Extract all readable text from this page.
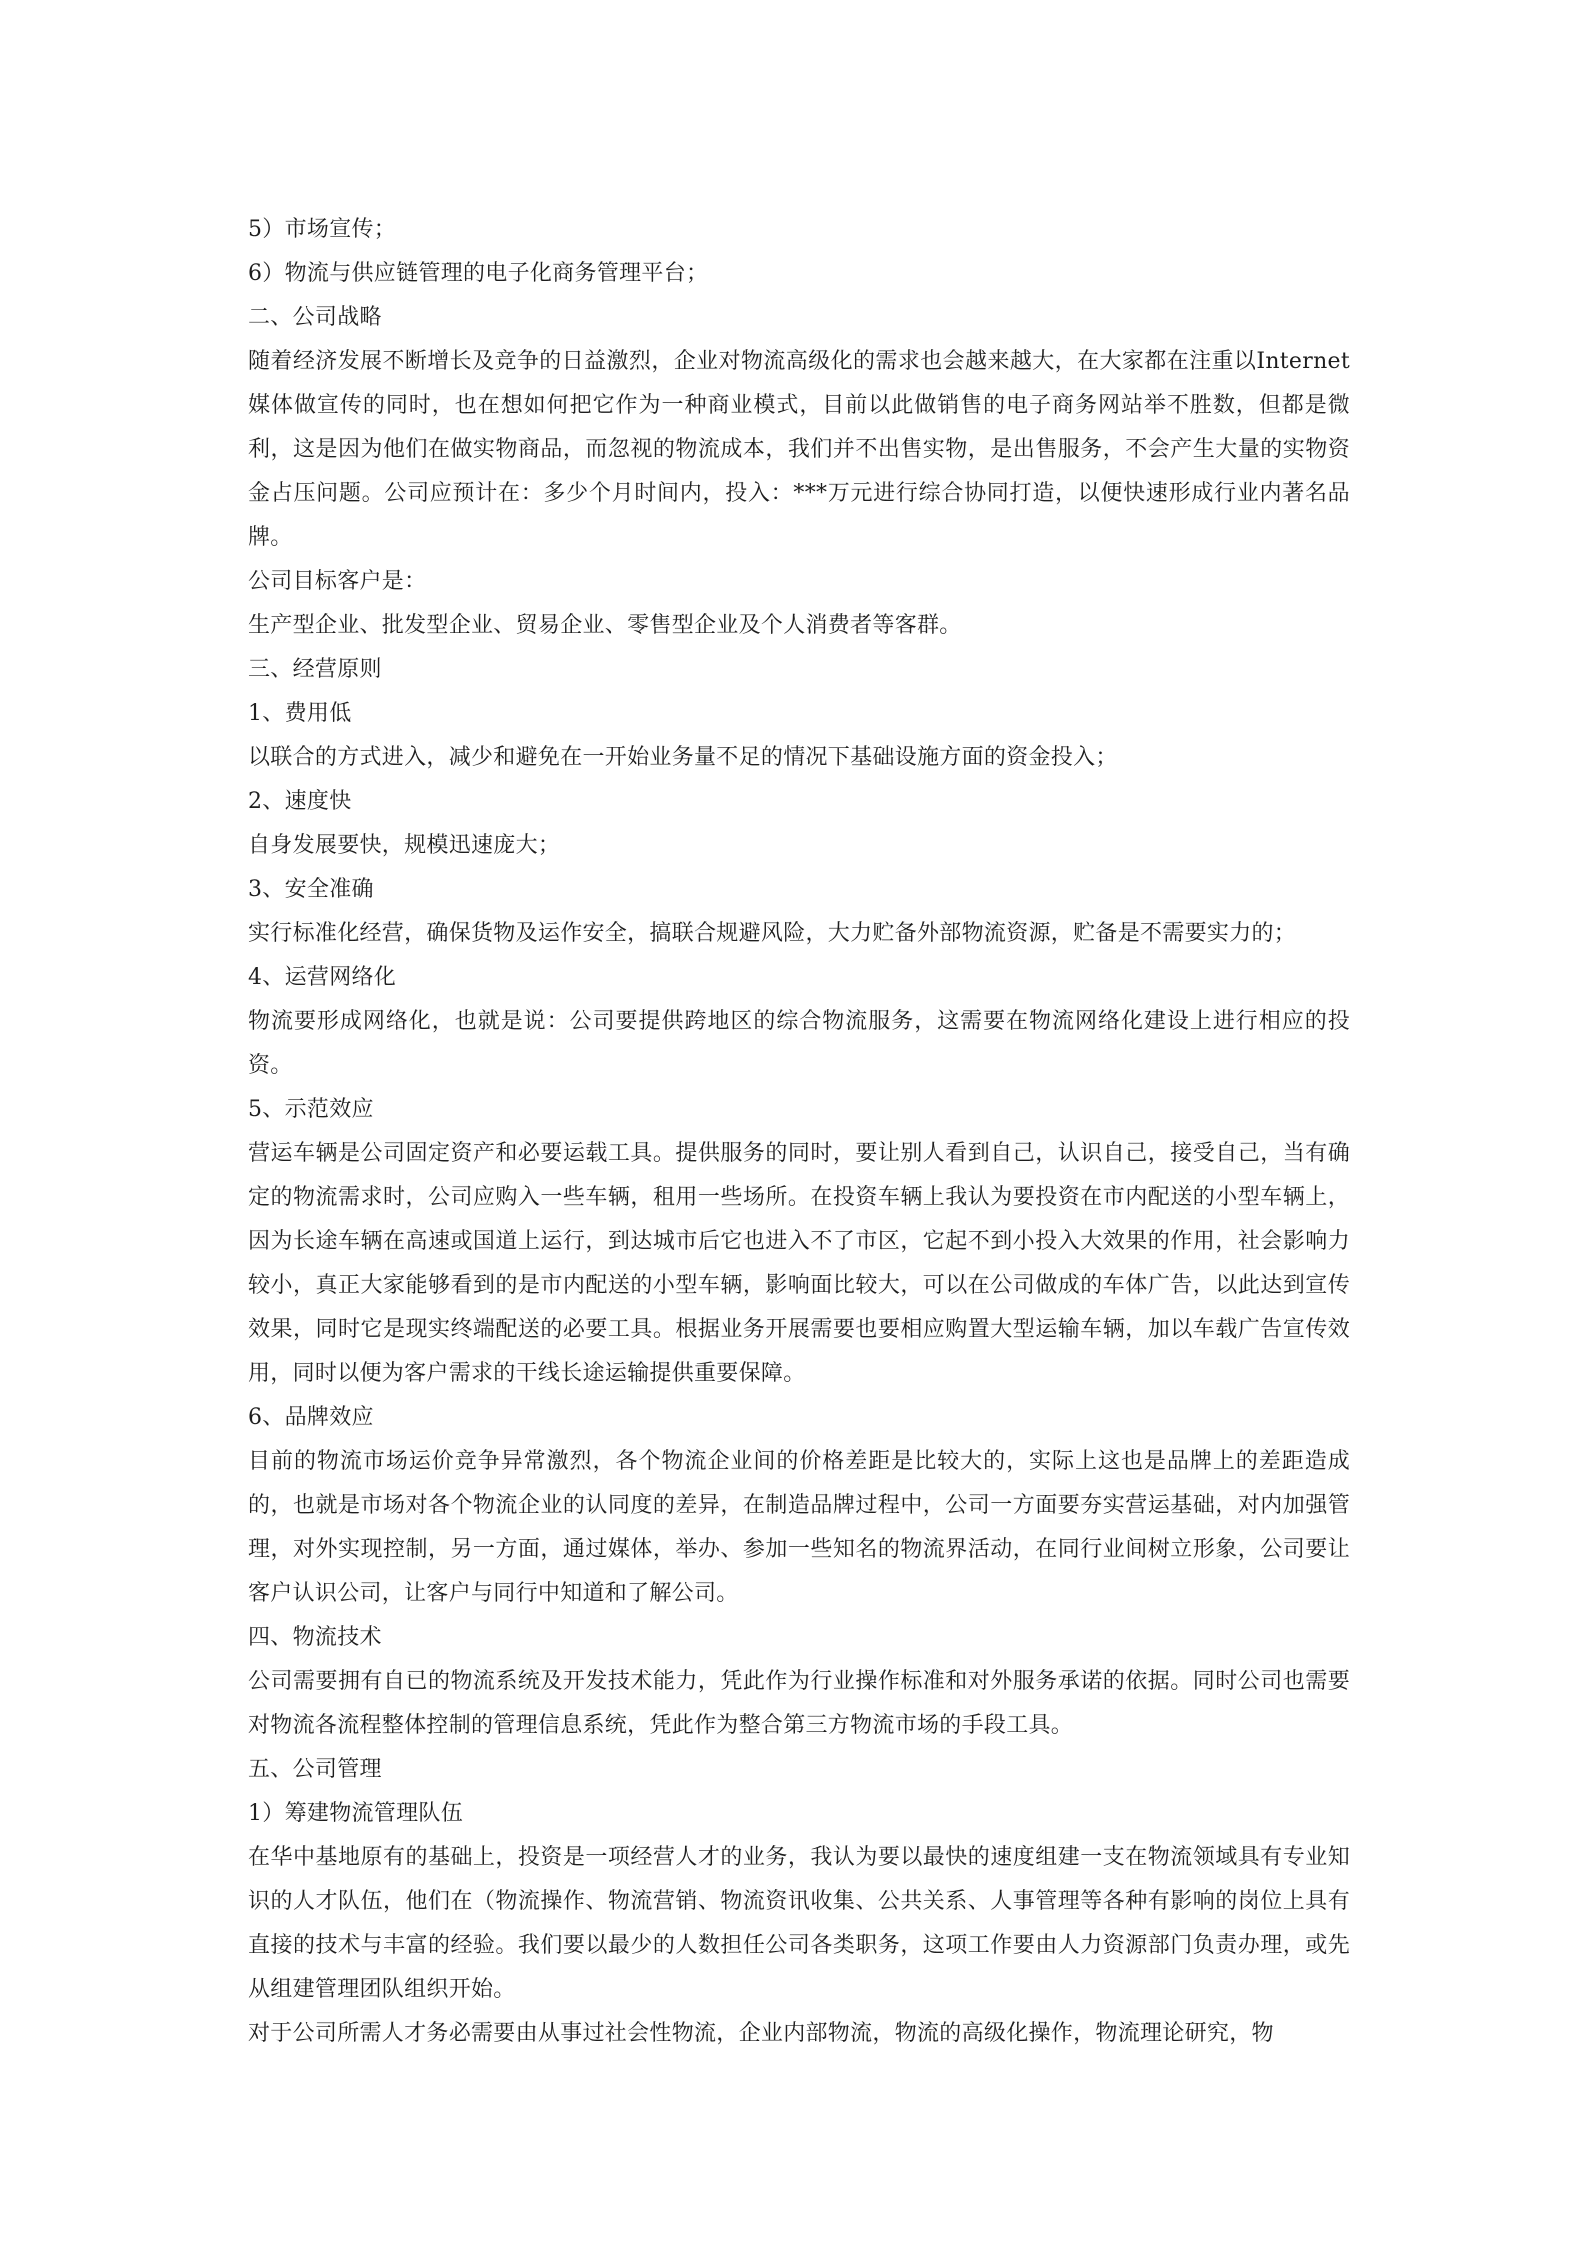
5）市场宣传；

6）物流与供应链管理的电子化商务管理平台；

二、公司战略

随着经济发展不断增长及竞争的日益激烈，企业对物流高级化的需求也会越来越大，在大家都在注重以Internet媒体做宣传的同时，也在想如何把它作为一种商业模式，目前以此做销售的电子商务网站举不胜数，但都是微利，这是因为他们在做实物商品，而忽视的物流成本，我们并不出售实物，是出售服务，不会产生大量的实物资金占压问题。公司应预计在：多少个月时间内，投入：***万元进行综合协同打造，以便快速形成行业内著名品牌。

公司目标客户是：

生产型企业、批发型企业、贸易企业、零售型企业及个人消费者等客群。

三、经营原则

1、费用低

以联合的方式进入，减少和避免在一开始业务量不足的情况下基础设施方面的资金投入；

2、速度快

自身发展要快，规模迅速庞大；

3、安全准确

实行标准化经营，确保货物及运作安全，搞联合规避风险，大力贮备外部物流资源，贮备是不需要实力的；

4、运营网络化

物流要形成网络化，也就是说：公司要提供跨地区的综合物流服务，这需要在物流网络化建设上进行相应的投资。

5、示范效应

营运车辆是公司固定资产和必要运载工具。提供服务的同时，要让别人看到自己，认识自己，接受自己，当有确定的物流需求时，公司应购入一些车辆，租用一些场所。在投资车辆上我认为要投资在市内配送的小型车辆上，因为长途车辆在高速或国道上运行，到达城市后它也进入不了市区，它起不到小投入大效果的作用，社会影响力较小，真正大家能够看到的是市内配送的小型车辆，影响面比较大，可以在公司做成的车体广告，以此达到宣传效果，同时它是现实终端配送的必要工具。根据业务开展需要也要相应购置大型运输车辆，加以车载广告宣传效用，同时以便为客户需求的干线长途运输提供重要保障。

6、品牌效应

目前的物流市场运价竞争异常激烈，各个物流企业间的价格差距是比较大的，实际上这也是品牌上的差距造成的，也就是市场对各个物流企业的认同度的差异，在制造品牌过程中，公司一方面要夯实营运基础，对内加强管理，对外实现控制，另一方面，通过媒体，举办、参加一些知名的物流界活动，在同行业间树立形象，公司要让客户认识公司，让客户与同行中知道和了解公司。

四、物流技术

公司需要拥有自已的物流系统及开发技术能力，凭此作为行业操作标准和对外服务承诺的依据。同时公司也需要对物流各流程整体控制的管理信息系统，凭此作为整合第三方物流市场的手段工具。

五、公司管理

1）筹建物流管理队伍

在华中基地原有的基础上，投资是一项经营人才的业务，我认为要以最快的速度组建一支在物流领域具有专业知识的人才队伍，他们在（物流操作、物流营销、物流资讯收集、公共关系、人事管理等各种有影响的岗位上具有直接的技术与丰富的经验。我们要以最少的人数担任公司各类职务，这项工作要由人力资源部门负责办理，或先从组建管理团队组织开始。

对于公司所需人才务必需要由从事过社会性物流，企业内部物流，物流的高级化操作，物流理论研究，物
